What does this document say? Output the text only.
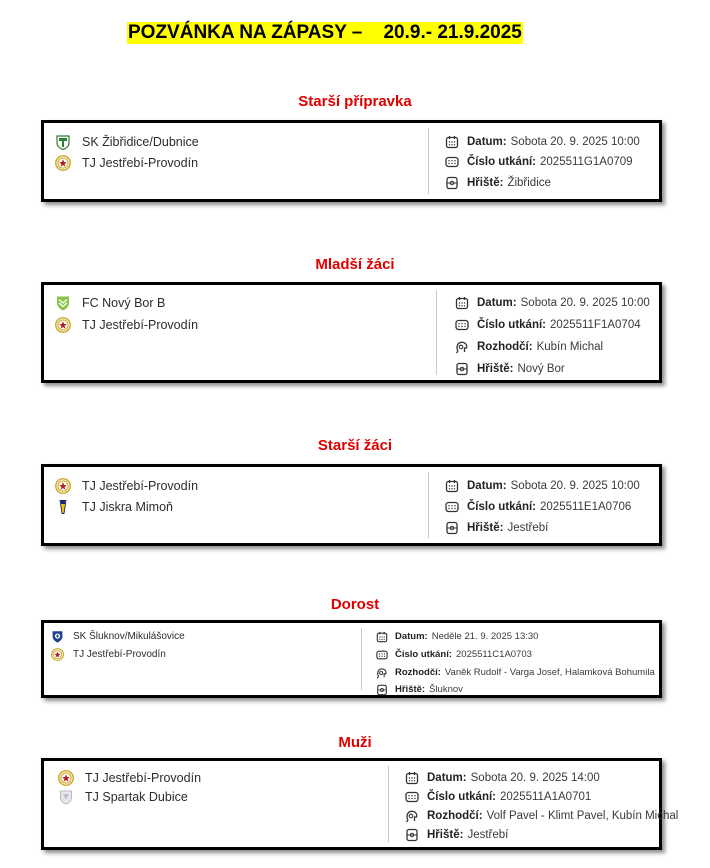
POZVÁNKA NA ZÁPASY –    20.9.- 21.9.2025
Starší přípravka
SK Žibřidice/Dubnice
TJ Jestřebí-Provodín
Datum: Sobota 20. 9. 2025 10:00
Číslo utkání: 2025511G1A0709
Hřiště: Žibřidice
Mladší žáci
FC Nový Bor B
TJ Jestřebí-Provodín
Datum: Sobota 20. 9. 2025 10:00
Číslo utkání: 2025511F1A0704
Rozhodčí: Kubín Michal
Hřiště: Nový Bor
Starší žáci
TJ Jestřebí-Provodín
TJ Jiskra Mimoň
Datum: Sobota 20. 9. 2025 10:00
Číslo utkání: 2025511E1A0706
Hřiště: Jestřebí
Dorost
SK Šluknov/Mikulášovice
TJ Jestřebí-Provodín
Datum: Neděle 21. 9. 2025 13:30
Číslo utkání: 2025511C1A0703
Rozhodčí: Vaněk Rudolf - Varga Josef, Halamková Bohumila
Hřiště: Šluknov
Muži
TJ Jestřebí-Provodín
TJ Spartak Dubice
Datum: Sobota 20. 9. 2025 14:00
Číslo utkání: 2025511A1A0701
Rozhodčí: Volf Pavel - Klimt Pavel, Kubín Michal
Hřiště: Jestřebí
